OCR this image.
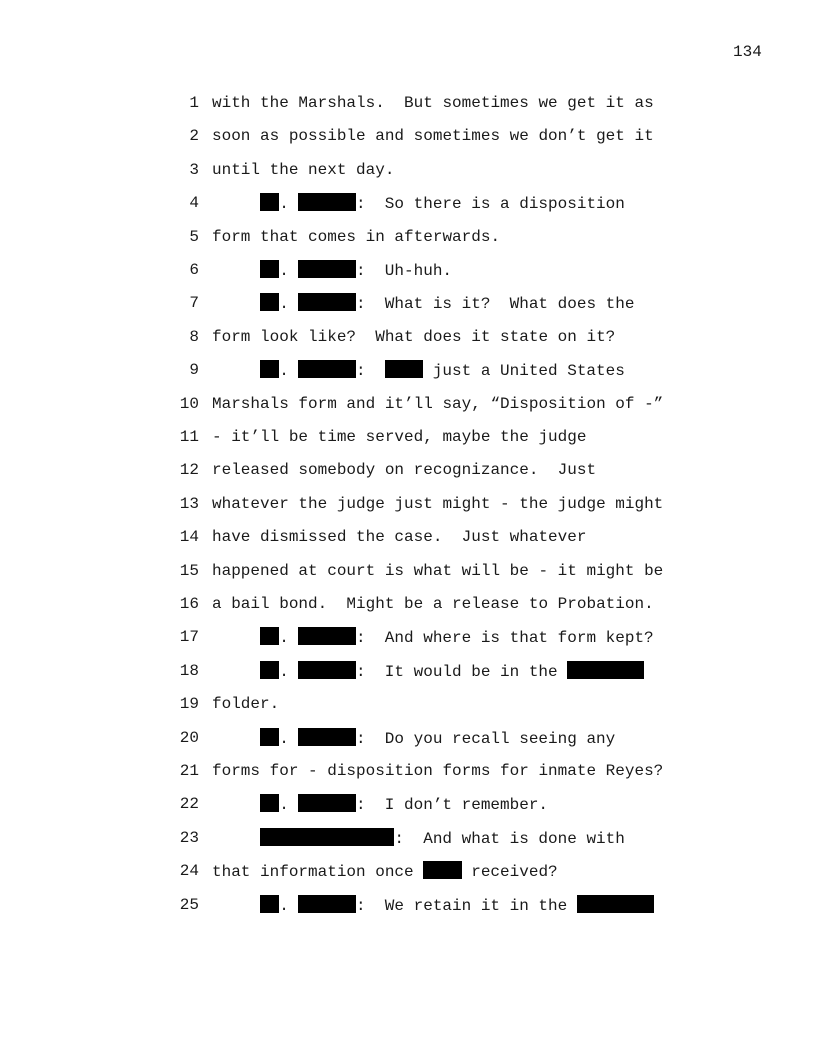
134
1 with the Marshals.  But sometimes we get it as
2 soon as possible and sometimes we don’t get it
3 until the next day.
4	.	:  So there is a disposition
5 form that comes in afterwards.
6	.	:  Uh-huh.
7	.	:  What is it?  What does the
8 form look like?  What does it state on it?
9	.	:   just a United States
10 Marshals form and it’ll say, “Disposition of -”
11 - it’ll be time served, maybe the judge
12 released somebody on recognizance.  Just
13 whatever the judge just might - the judge might
14 have dismissed the case.  Just whatever
15 happened at court is what will be - it might be
16 a bail bond.  Might be a release to Probation.
17	.	:  And where is that form kept?
18	.	:  It would be in the
19 folder.
20	.	:  Do you recall seeing any
21 forms for - disposition forms for inmate Reyes?
22	.	:  I don’t remember.
23	:  And what is done with
24 that information once  received?
25	.	:  We retain it in the
